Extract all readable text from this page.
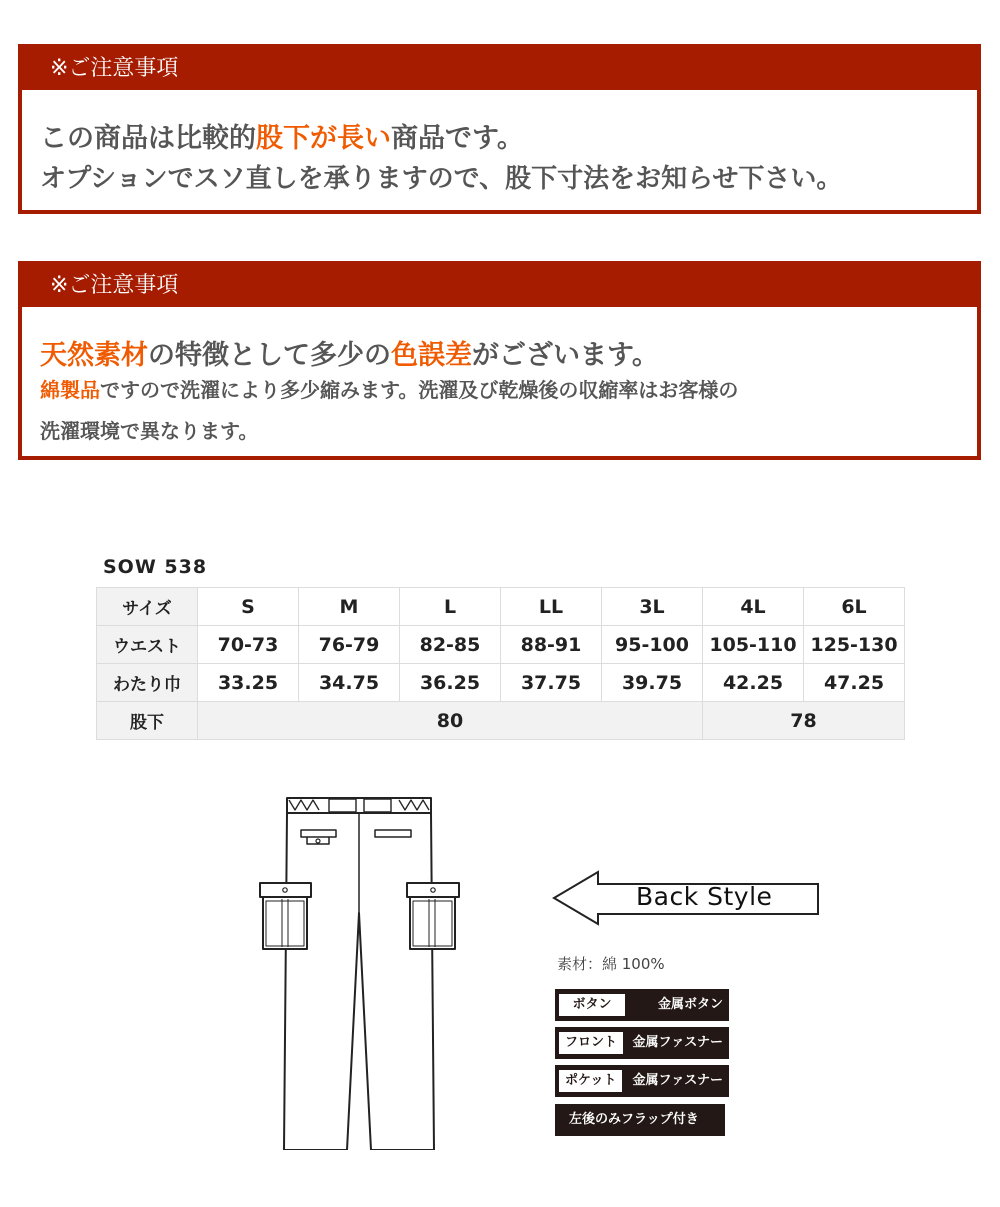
※ご注意事項
この商品は比較的股下が長い商品です。
オプションでスソ直しを承りますので、股下寸法をお知らせ下さい。
※ご注意事項
天然素材の特徴として多少の色誤差がございます。
綿製品ですので洗濯により多少縮みます。洗濯及び乾燥後の収縮率はお客様の
洗濯環境で異なります。
SOW 538
サイズ	S	M	L	LL	3L	4L	6L
ウエスト	70-73	76-79	82-85	88-91	95-100	105-110	125-130
わたり巾	33.25	34.75	36.25	37.75	39.75	42.25	47.25
股下	80					78	
Back Style
素材：綿 100%
ボタン	金属ボタン
フロント	金属ファスナー
ポケット	金属ファスナー
左後のみフラップ付き
